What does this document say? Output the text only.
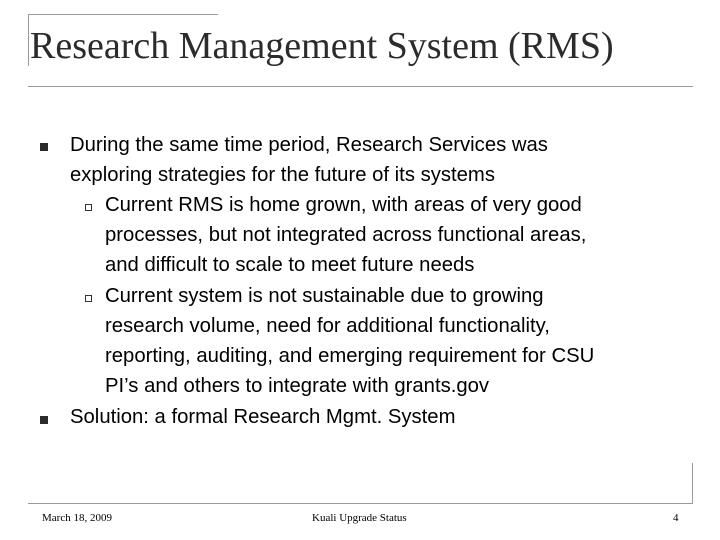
Research Management System (RMS)
During the same time period, Research Services was
exploring strategies for the future of its systems
Current RMS is home grown, with areas of very good
processes, but not integrated across functional areas,
and difficult to scale to meet future needs
Current system is not sustainable due to growing
research volume, need for additional functionality,
reporting, auditing, and emerging requirement for CSU
PI’s and others to integrate with grants.gov
Solution: a formal Research Mgmt. System
March 18, 2009	Kuali Upgrade Status	4
